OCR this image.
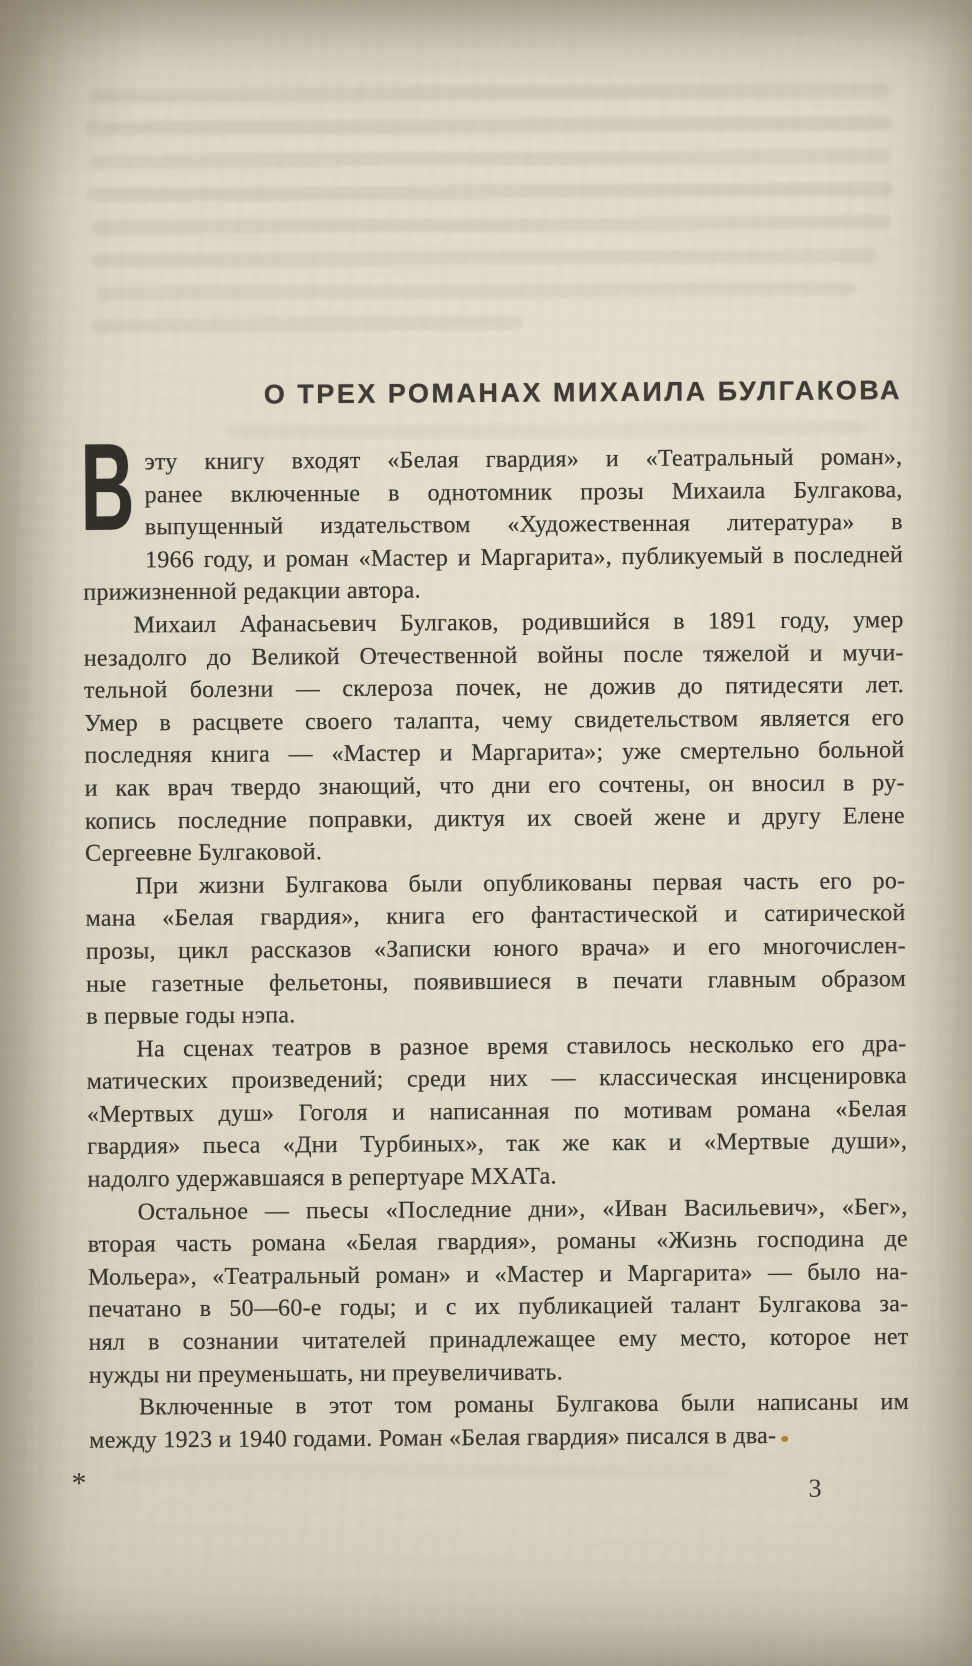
О ТРЕХ РОМАНАХ МИХАИЛА БУЛГАКОВА
В эту книгу входят «Белая гвардия» и «Театральный роман»,
ранее включенные в однотомник прозы Михаила Булгакова,
выпущенный издательством «Художественная литература» в
1966 году, и роман «Мастер и Маргарита», публикуемый в последней
прижизненной редакции автора.
Михаил Афанасьевич Булгаков, родившийся в 1891 году, умер
незадолго до Великой Отечественной войны после тяжелой и мучи-
тельной болезни — склероза почек, не дожив до пятидесяти лет.
Умер в расцвете своего талапта, чему свидетельством является его
последняя книга — «Мастер и Маргарита»; уже смертельно больной
и как врач твердо знающий, что дни его сочтены, он вносил в ру-
копись последние поправки, диктуя их своей жене и другу Елене
Сергеевне Булгаковой.
При жизни Булгакова были опубликованы первая часть его ро-
мана «Белая гвардия», книга его фантастической и сатирической
прозы, цикл рассказов «Записки юного врача» и его многочислен-
ные газетные фельетоны, появившиеся в печати главным образом
в первые годы нэпа.
На сценах театров в разное время ставилось несколько его дра-
матических произведений; среди них — классическая инсценировка
«Мертвых душ» Гоголя и написанная по мотивам романа «Белая
гвардия» пьеса «Дни Турбиных», так же как и «Мертвые души»,
надолго удержавшаяся в репертуаре МХАТа.
Остальное — пьесы «Последние дни», «Иван Васильевич», «Бег»,
вторая часть романа «Белая гвардия», романы «Жизнь господина де
Мольера», «Театральный роман» и «Мастер и Маргарита» — было на-
печатано в 50—60-е годы; и с их публикацией талант Булгакова за-
нял в сознании читателей принадлежащее ему место, которое нет
нужды ни преуменьшать, ни преувеличивать.
Включенные в этот том романы Булгакова были написаны им
между 1923 и 1940 годами. Роман «Белая гвардия» писался в два-
*	3
